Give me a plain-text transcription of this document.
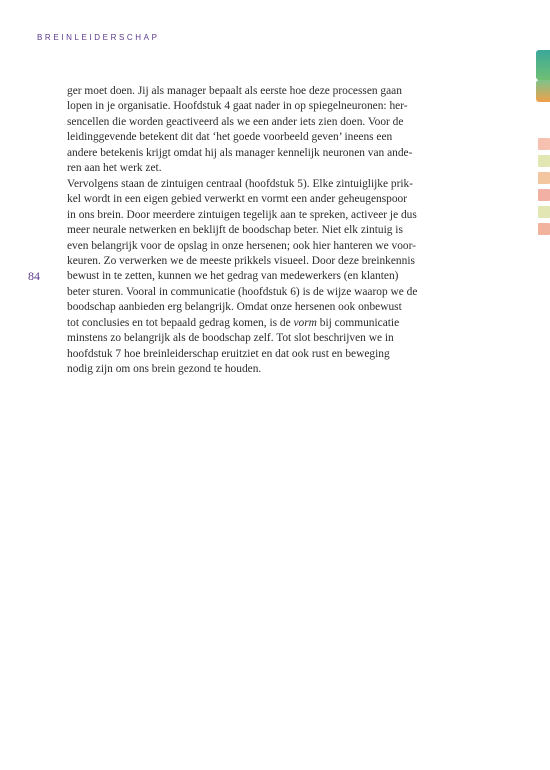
BREINLEIDERSCHAP
84
ger moet doen. Jij als manager bepaalt als eerste hoe deze processen gaan
lopen in je organisatie. Hoofdstuk 4 gaat nader in op spiegelneuronen: her-
sencellen die worden geactiveerd als we een ander iets zien doen. Voor de
leidinggevende betekent dit dat ‘het goede voorbeeld geven’ ineens een
andere betekenis krijgt omdat hij als manager kennelijk neuronen van ande-
ren aan het werk zet.
Vervolgens staan de zintuigen centraal (hoofdstuk 5). Elke zintuiglijke prik-
kel wordt in een eigen gebied verwerkt en vormt een ander geheugenspoor
in ons brein. Door meerdere zintuigen tegelijk aan te spreken, activeer je dus
meer neurale netwerken en beklijft de boodschap beter. Niet elk zintuig is
even belangrijk voor de opslag in onze hersenen; ook hier hanteren we voor-
keuren. Zo verwerken we de meeste prikkels visueel. Door deze breinkennis
bewust in te zetten, kunnen we het gedrag van medewerkers (en klanten)
beter sturen. Vooral in communicatie (hoofdstuk 6) is de wijze waarop we de
boodschap aanbieden erg belangrijk. Omdat onze hersenen ook onbewust
tot conclusies en tot bepaald gedrag komen, is de vorm bij communicatie
minstens zo belangrijk als de boodschap zelf. Tot slot beschrijven we in
hoofdstuk 7 hoe breinleiderschap eruitziet en dat ook rust en beweging
nodig zijn om ons brein gezond te houden.
